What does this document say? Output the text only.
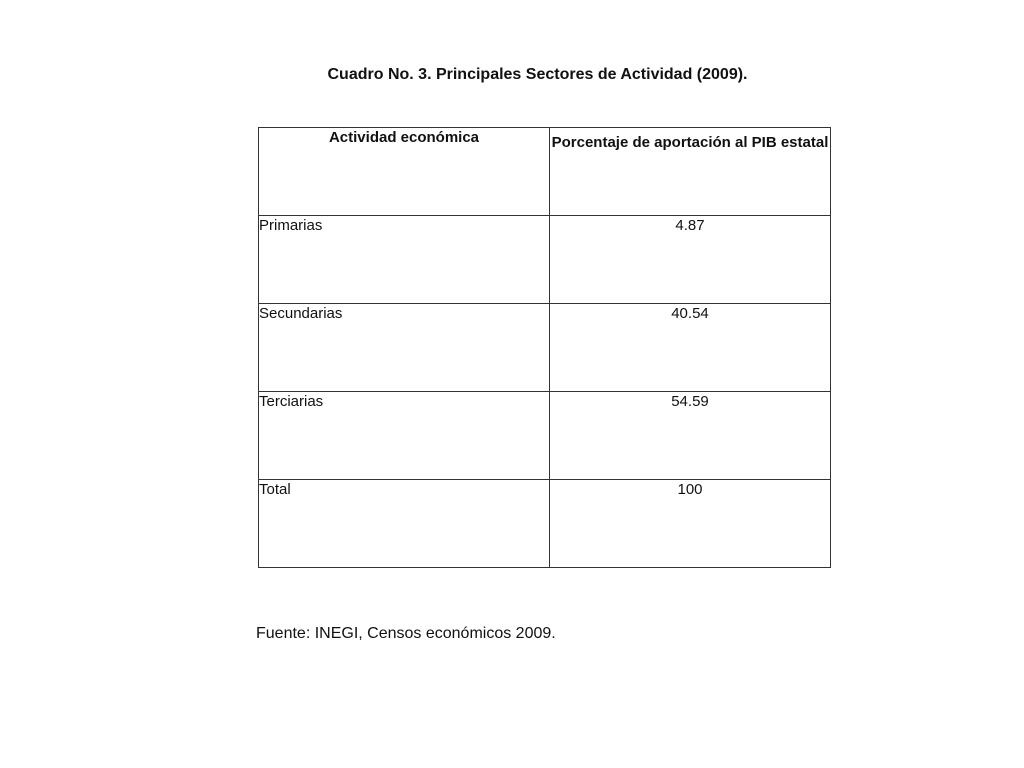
Cuadro No. 3. Principales Sectores de Actividad (2009).
Actividad económica	Porcentaje de aportación al PIB estatal
Primarias	4.87
Secundarias	40.54
Terciarias	54.59
Total	100

Fuente: INEGI, Censos económicos 2009.
